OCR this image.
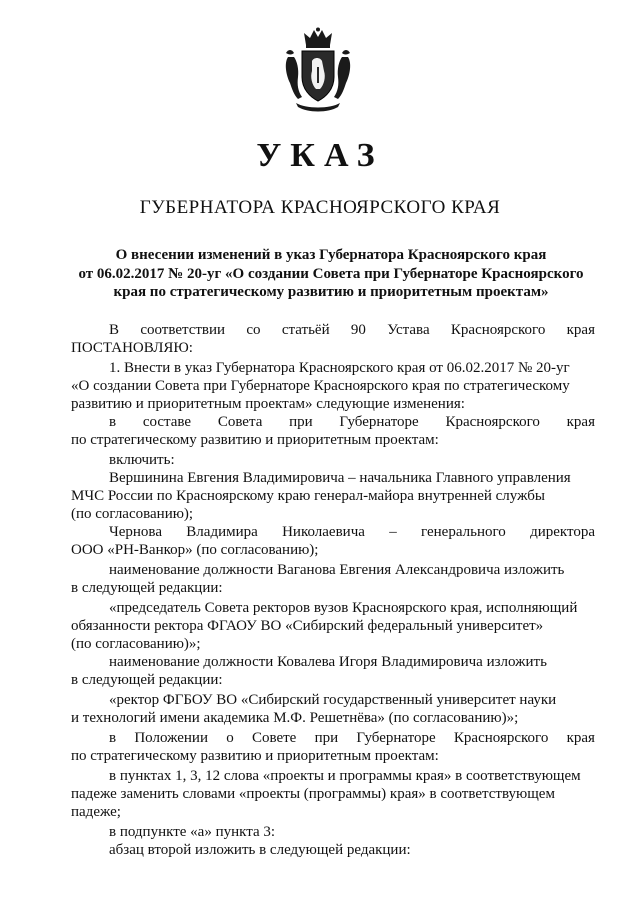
УКАЗ
ГУБЕРНАТОРА КРАСНОЯРСКОГО КРАЯ
О внесении изменений в указ Губернатора Красноярского края
от 06.02.2017 № 20-уг «О создании Совета при Губернаторе Красноярского
края по стратегическому развитию и приоритетным проектам»
В соответствии со статьёй 90 Устава Красноярского края
ПОСТАНОВЛЯЮ:
1. Внести в указ Губернатора Красноярского края от 06.02.2017 № 20-уг
«О создании Совета при Губернаторе Красноярского края по стратегическому
развитию и приоритетным проектам» следующие изменения:
в составе Совета при Губернаторе Красноярского края
по стратегическому развитию и приоритетным проектам:
включить:
Вершинина Евгения Владимировича – начальника Главного управления
МЧС России по Красноярскому краю генерал-майора внутренней службы
(по согласованию);
Чернова Владимира Николаевича – генерального директора
ООО «РН-Ванкор» (по согласованию);
наименование должности Ваганова Евгения Александровича изложить
в следующей редакции:
«председатель Совета ректоров вузов Красноярского края, исполняющий
обязанности ректора ФГАОУ ВО «Сибирский федеральный университет»
(по согласованию)»;
наименование должности Ковалева Игоря Владимировича изложить
в следующей редакции:
«ректор ФГБОУ ВО «Сибирский государственный университет науки
и технологий имени академика М.Ф. Решетнёва» (по согласованию)»;
в Положении о Совете при Губернаторе Красноярского края
по стратегическому развитию и приоритетным проектам:
в пунктах 1, 3, 12 слова «проекты и программы края» в соответствующем
падеже заменить словами «проекты (программы) края» в соответствующем
падеже;
в подпункте «а» пункта 3:
абзац второй изложить в следующей редакции:
